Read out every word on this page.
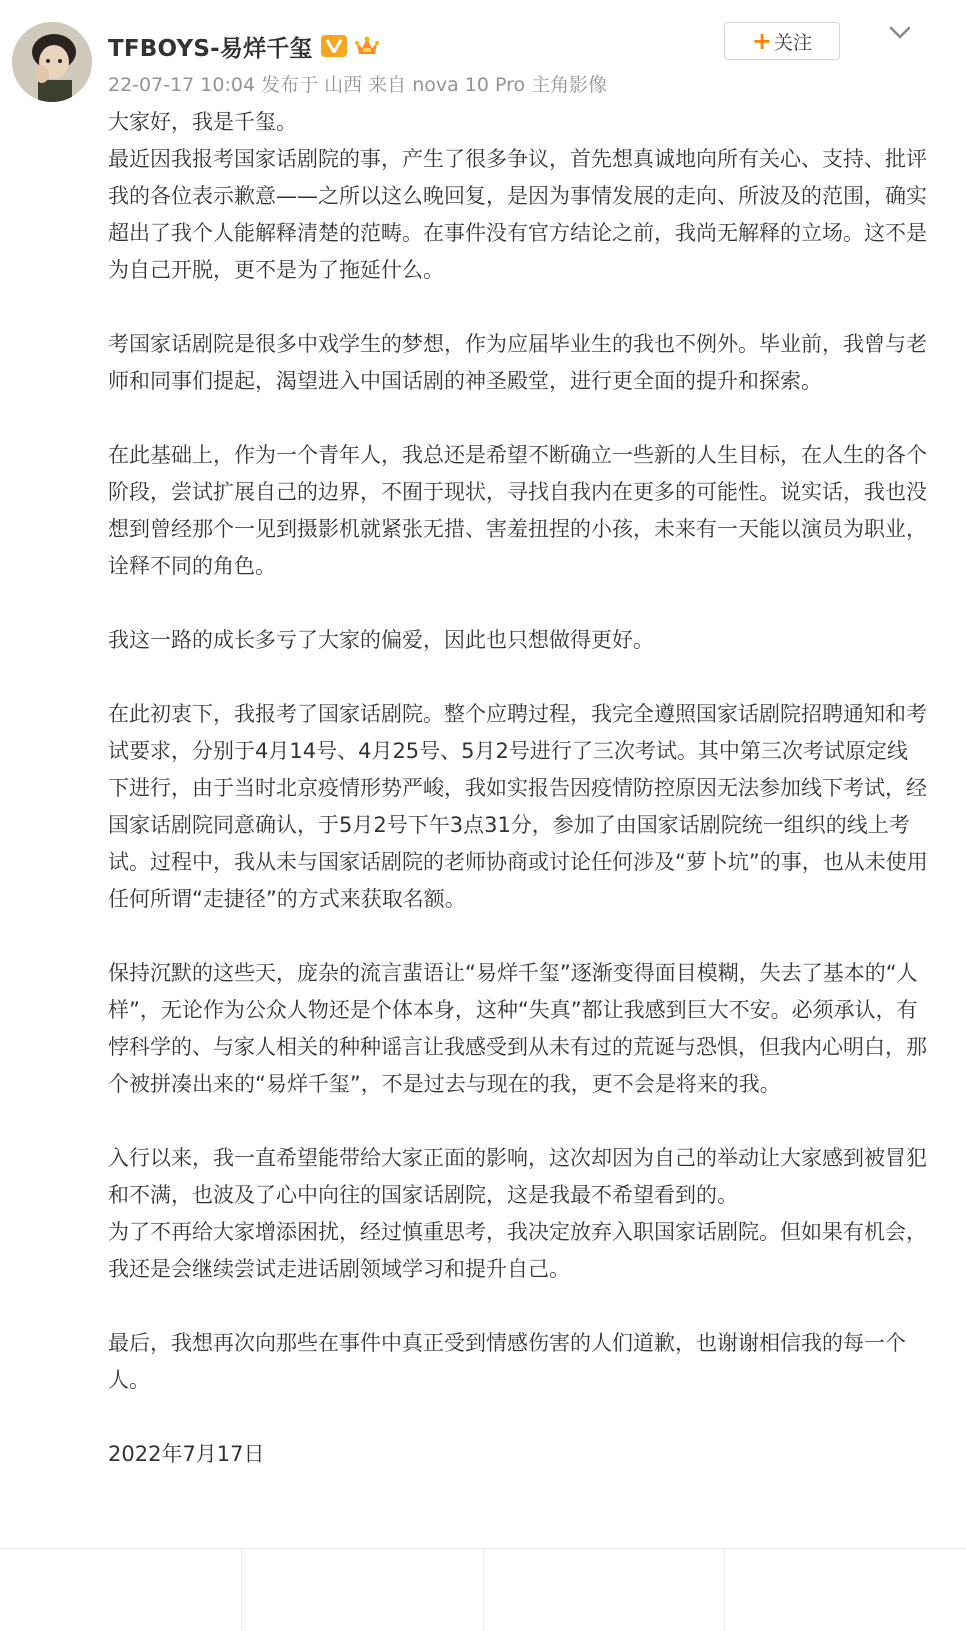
TFBOYS-易烊千玺
22-07-17 10:04 发布于 山西 来自 nova 10 Pro 主角影像
+ 关注

大家好，我是千玺。

最近因我报考国家话剧院的事，产生了很多争议，首先想真诚地向所有关心、支持、批评我的各位表示歉意——之所以这么晚回复，是因为事情发展的走向、所波及的范围，确实超出了我个人能解释清楚的范畴。在事件没有官方结论之前，我尚无解释的立场。这不是为自己开脱，更不是为了拖延什么。

考国家话剧院是很多中戏学生的梦想，作为应届毕业生的我也不例外。毕业前，我曾与老师和同事们提起，渴望进入中国话剧的神圣殿堂，进行更全面的提升和探索。

在此基础上，作为一个青年人，我总还是希望不断确立一些新的人生目标，在人生的各个阶段，尝试扩展自己的边界，不囿于现状，寻找自我内在更多的可能性。说实话，我也没想到曾经那个一见到摄影机就紧张无措、害羞扭捏的小孩，未来有一天能以演员为职业，诠释不同的角色。

我这一路的成长多亏了大家的偏爱，因此也只想做得更好。

在此初衷下，我报考了国家话剧院。整个应聘过程，我完全遵照国家话剧院招聘通知和考试要求，分别于4月14号、4月25号、5月2号进行了三次考试。其中第三次考试原定线下进行，由于当时北京疫情形势严峻，我如实报告因疫情防控原因无法参加线下考试，经国家话剧院同意确认，于5月2号下午3点31分，参加了由国家话剧院统一组织的线上考试。过程中，我从未与国家话剧院的老师协商或讨论任何涉及“萝卜坑”的事，也从未使用任何所谓“走捷径”的方式来获取名额。

保持沉默的这些天，庞杂的流言蜚语让“易烊千玺”逐渐变得面目模糊，失去了基本的“人样”，无论作为公众人物还是个体本身，这种“失真”都让我感到巨大不安。必须承认，有悖科学的、与家人相关的种种谣言让我感受到从未有过的荒诞与恐惧，但我内心明白，那个被拼凑出来的“易烊千玺”，不是过去与现在的我，更不会是将来的我。

入行以来，我一直希望能带给大家正面的影响，这次却因为自己的举动让大家感到被冒犯和不满，也波及了心中向往的国家话剧院，这是我最不希望看到的。

为了不再给大家增添困扰，经过慎重思考，我决定放弃入职国家话剧院。但如果有机会，我还是会继续尝试走进话剧领域学习和提升自己。

最后，我想再次向那些在事件中真正受到情感伤害的人们道歉，也谢谢相信我的每一个人。

2022年7月17日
